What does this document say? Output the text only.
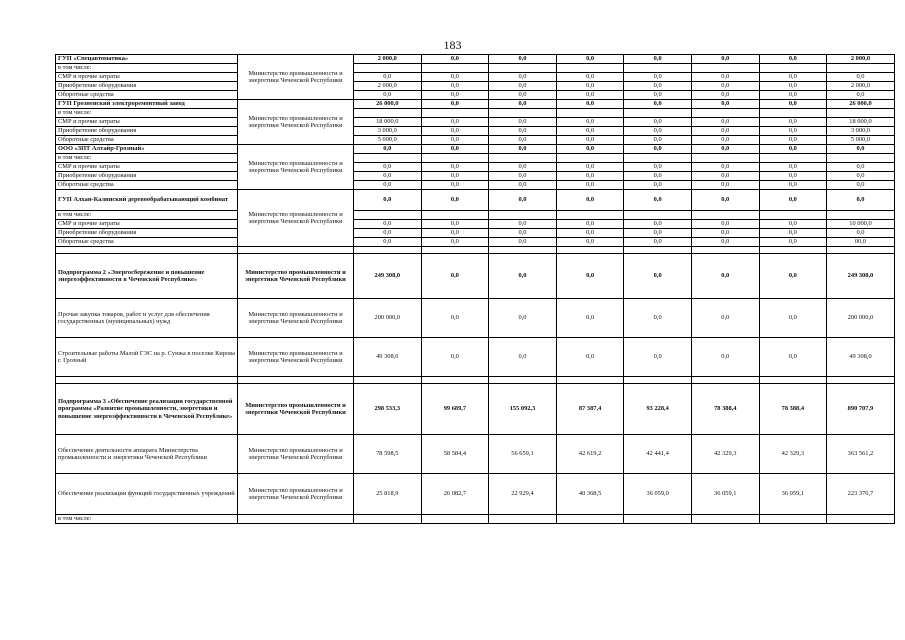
183
ГУП «Спецавтоматика»	Министерство промышленности и энергетики Чеченской Республики	2 000,0	0,0	0,0	0,0	0,0	0,0	0,0	2 000,0
в том числе:									
СМР и прочие затраты		0,0	0,0	0,0	0,0	0,0	0,0	0,0	0,0
Приобретение оборудования		2 000,0	0,0	0,0	0,0	0,0	0,0	0,0	2 000,0
Оборотные средства		0,0	0,0	0,0	0,0	0,0	0,0	0,0	0,0
ГУП Грозненский электроремонтный завод	Министерство промышленности и энергетики Чеченской Республики	26 000,0	0,0	0,0	0,0	0,0	0,0	0,0	26 000,0
в том числе:									
СМР и прочие затраты		18 000,0	0,0	0,0	0,0	0,0	0,0	0,0	18 000,0
Приобретение оборудования		3 000,0	0,0	0,0	0,0	0,0	0,0	0,0	3 000,0
Оборотные средства		5 000,0	0,0	0,0	0,0	0,0	0,0	0,0	5 000,0
ООО «ЗПТ Алтайр-Грозный»	Министерство промышленности и энергетики Чеченской Республики	0,0	0,0	0,0	0,0	0,0	0,0	0,0	0,0
в том числе:									
СМР и прочие затраты		0,0	0,0	0,0	0,0	0,0	0,0	0,0	0,0
Приобретение оборудования		0,0	0,0	0,0	0,0	0,0	0,0	0,0	0,0
Оборотные средства		0,0	0,0	0,0	0,0	0,0	0,0	0,0	0,0
ГУП Алхан-Калинский деревообрабатывающий комбинат	Министерство промышленности и энергетики Чеченской Республики	0,0	0,0	0,0	0,0	0,0	0,0	0,0	0,0
в том числе:									
СМР и прочие затраты		0,0	0,0	0,0	0,0	0,0	0,0	0,0	10 000,0
Приобретение оборудования		0,0	0,0	0,0	0,0	0,0	0,0	0,0	0,0
Оборотные средства		0,0	0,0	0,0	0,0	0,0	0,0	0,0	00,0

Подпрограмма 2 «Энергосбережение и повышение энергоэффективности в Чеченской Республике»	Министерство промышленности и энергетики Чеченской Республики	249 308,0	0,0	0,0	0,0	0,0	0,0	0,0	249 308,0
Прочая закупка товаров, работ и услуг для обеспечения государственных (муниципальных) нужд	Министерство промышленности и энергетики Чеченской Республики	200 000,0	0,0	0,0	0,0	0,0	0,0	0,0	200 000,0
Строительные работы Малой ГЭС на р. Сунжа в поселке Кирова г. Грозный	Министерство промышленности и энергетики Чеченской Республики	49 308,0	0,0	0,0	0,0	0,0	0,0	0,0	49 308,0

Подпрограмма 3 «Обеспечение реализации государственной программы «Развитие промышленности, энергетики и повышение энергоэффективности в Чеченской Республике»	Министерство промышленности и энергетики Чеченской Республики	298 533,3	99 689,7	155 092,3	87 387,4	93 228,4	78 388,4	78 388,4	890 707,9
Обеспечение деятельности аппарата Министерства промышленности и энергетики Чеченской Республики	Министерство промышленности и энергетики Чеченской Республики	78 598,5	58 584,4	56 659,1	42 619,2	42 441,4	42 329,3	42 329,3	363 561,2
Обеспечение реализации функций государственных учреждений	Министерство промышленности и энергетики Чеченской Республики	25 818,9	26 082,7	22 929,4	40 368,5	36 059,0	36 059,1	36 059,1	223 376,7
в том числе:									
